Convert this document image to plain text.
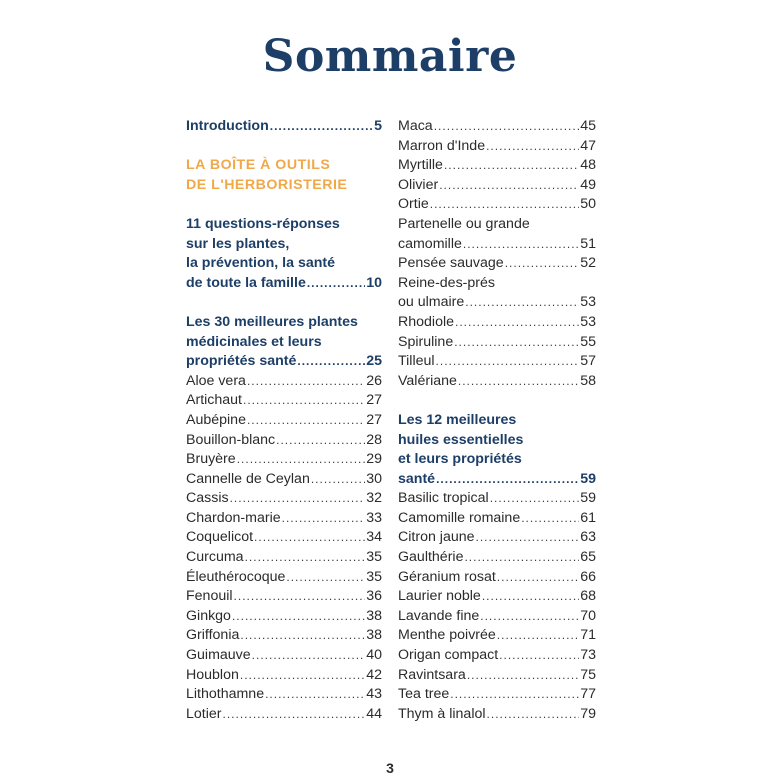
Sommaire
Introduction .....	5
LA BOÎTE À OUTILS
DE L'HERBORISTERIE
11 questions-réponses
sur les plantes,
la prévention, la santé
de toute la famille .....	10
Les 30 meilleures plantes
médicinales et leurs
propriétés santé .....	25
Aloe vera .....	26
Artichaut .....	27
Aubépine .....	27
Bouillon-blanc .....	28
Bruyère .....	29
Cannelle de Ceylan .....	30
Cassis .....	32
Chardon-marie .....	33
Coquelicot .....	34
Curcuma .....	35
Éleuthérocoque .....	35
Fenouil .....	36
Ginkgo .....	38
Griffonia .....	38
Guimauve .....	40
Houblon .....	42
Lithothamne .....	43
Lotier .....	44
Maca .....	45
Marron d'Inde .....	47
Myrtille .....	48
Olivier .....	49
Ortie .....	50
Partenelle ou grande
camomille .....	51
Pensée sauvage .....	52
Reine-des-prés
ou ulmaire .....	53
Rhodiole .....	53
Spiruline .....	55
Tilleul .....	57
Valériane .....	58
Les 12 meilleures
huiles essentielles
et leurs propriétés
santé .....	59
Basilic tropical .....	59
Camomille romaine .....	61
Citron jaune .....	63
Gaulthérie .....	65
Géranium rosat .....	66
Laurier noble .....	68
Lavande fine .....	70
Menthe poivrée .....	71
Origan compact .....	73
Ravintsara .....	75
Tea tree .....	77
Thym à linalol .....	79
3
